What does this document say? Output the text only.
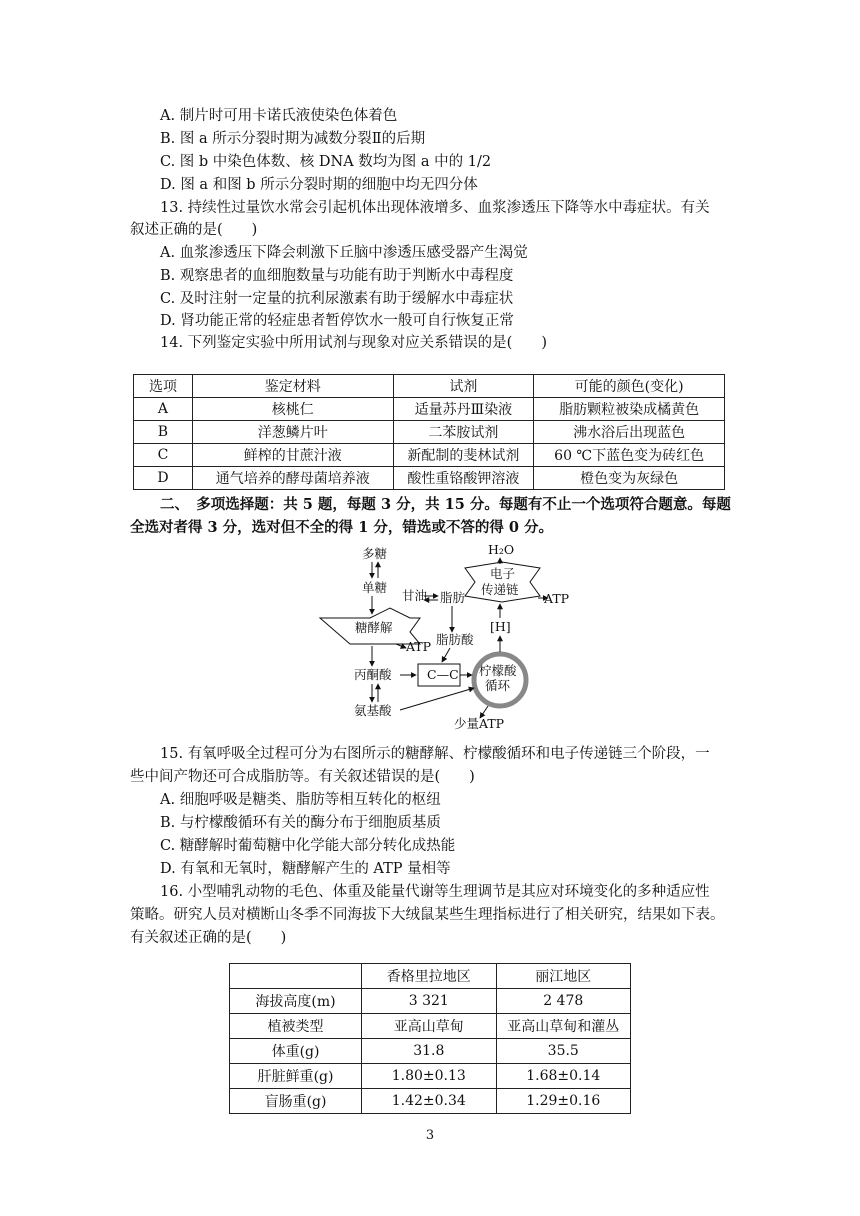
A. 制片时可用卡诺氏液使染色体着色
B. 图 a 所示分裂时期为减数分裂Ⅱ的后期
C. 图 b 中染色体数、核 DNA 数均为图 a 中的 1/2
D. 图 a 和图 b 所示分裂时期的细胞中均无四分体
13. 持续性过量饮水常会引起机体出现体液增多、血浆渗透压下降等水中毒症状。有关
叙述正确的是(　　)
A. 血浆渗透压下降会刺激下丘脑中渗透压感受器产生渴觉
B. 观察患者的血细胞数量与功能有助于判断水中毒程度
C. 及时注射一定量的抗利尿激素有助于缓解水中毒症状
D. 肾功能正常的轻症患者暂停饮水一般可自行恢复正常
14. 下列鉴定实验中所用试剂与现象对应关系错误的是(　　)
选项	鉴定材料	试剂	可能的颜色(变化)
A	核桃仁	适量苏丹Ⅲ染液	脂肪颗粒被染成橘黄色
B	洋葱鳞片叶	二苯胺试剂	沸水浴后出现蓝色
C	鲜榨的甘蔗汁液	新配制的斐林试剂	60 ℃下蓝色变为砖红色
D	通气培养的酵母菌培养液	酸性重铬酸钾溶液	橙色变为灰绿色
二、　多项选择题：共 5 题，每题 3 分，共 15 分。每题有不止一个选项符合题意。每题
全选对者得 3 分，选对但不全的得 1 分，错选或不答的得 0 分。
多糖
单糖
甘油 脂肪
H₂O
电子
传递链
ATP
糖酵解
ATP
[H]
脂肪酸
丙酮酸	C—C 柠檬酸
循环
氨基酸
少量ATP
15. 有氧呼吸全过程可分为右图所示的糖酵解、柠檬酸循环和电子传递链三个阶段，一
些中间产物还可合成脂肪等。有关叙述错误的是(　　)
A. 细胞呼吸是糖类、脂肪等相互转化的枢纽
B. 与柠檬酸循环有关的酶分布于细胞质基质
C. 糖酵解时葡萄糖中化学能大部分转化成热能
D. 有氧和无氧时，糖酵解产生的 ATP 量相等
16. 小型哺乳动物的毛色、体重及能量代谢等生理调节是其应对环境变化的多种适应性
策略。研究人员对横断山冬季不同海拔下大绒鼠某些生理指标进行了相关研究，结果如下表。
有关叙述正确的是(　　)
	香格里拉地区	丽江地区
海拔高度(m)	3 321	2 478
植被类型	亚高山草甸	亚高山草甸和灌丛
体重(g)	31.8	35.5
肝脏鲜重(g)	1.80±0.13	1.68±0.14
盲肠重(g)	1.42±0.34	1.29±0.16
3
